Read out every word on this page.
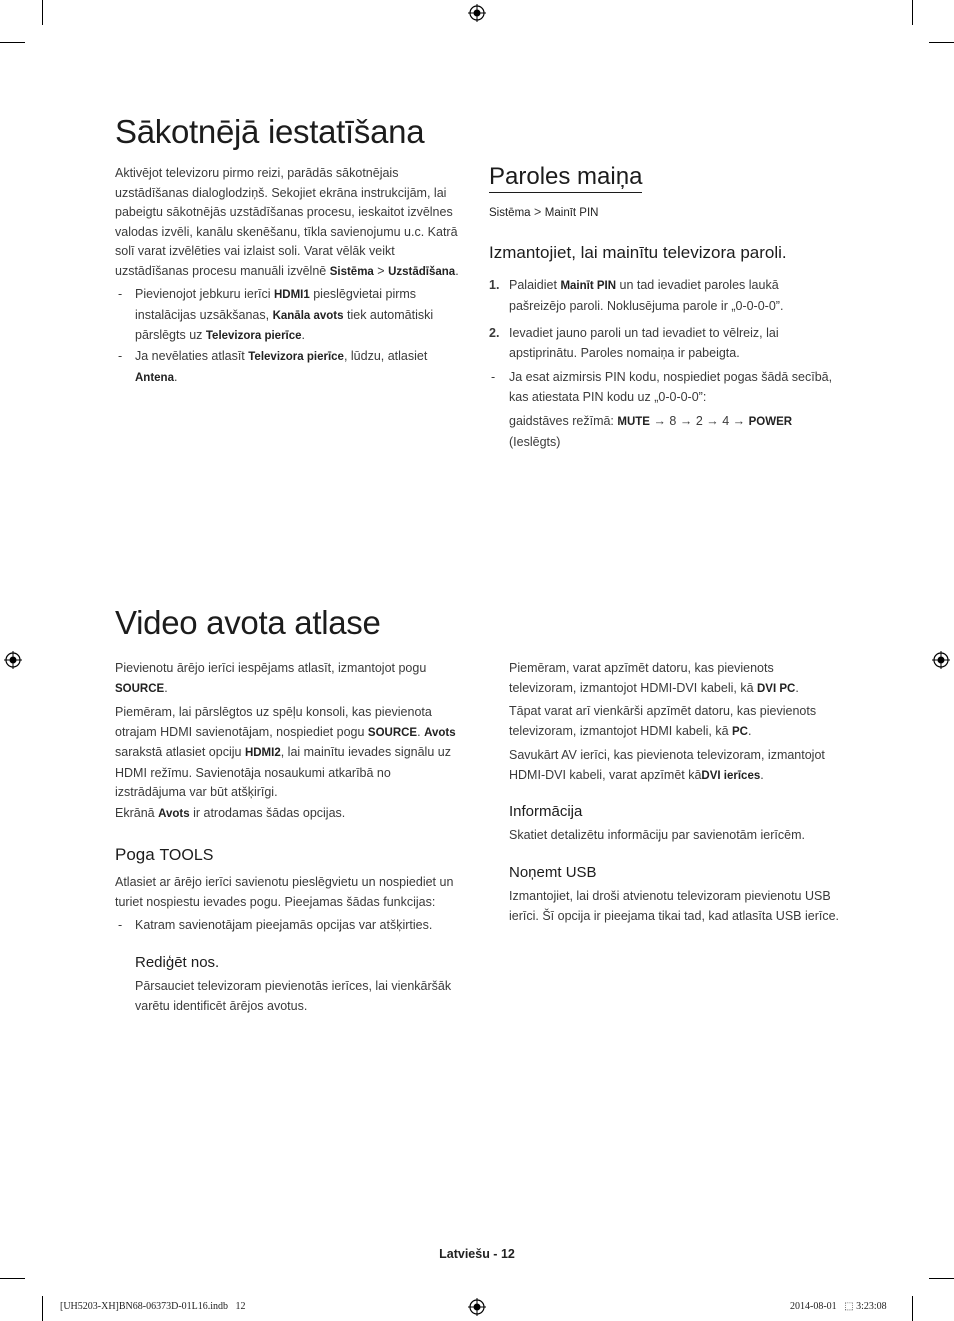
Sākotnējā iestatīšana

Aktivējot televizoru pirmo reizi, parādās sākotnējais uzstādīšanas dialoglodziņš. Sekojiet ekrāna instrukcijām, lai pabeigtu sākotnējās uzstādīšanas procesu, ieskaitot izvēlnes valodas izvēli, kanālu skenēšanu, tīkla savienojumu u.c. Katrā solī varat izvēlēties vai izlaist soli. Varat vēlāk veikt uzstādīšanas procesu manuāli izvēlnē Sistēma > Uzstādīšana.

- Pievienojot jebkuru ierīci HDMI1 pieslēgvietai pirms instalācijas uzsākšanas, Kanāla avots tiek automātiski pārslēgts uz Televizora pierīce.

- Ja nevēlaties atlasīt Televizora pierīce, lūdzu, atlasiet Antena.

Paroles maiņa

Sistēma > Mainīt PIN

Izmantojiet, lai mainītu televizora paroli.
1. Palaidiet Mainīt PIN un tad ievadiet paroles laukā pašreizējo paroli. Noklusējuma parole ir „0-0-0-0”.

2. Ievadiet jauno paroli un tad ievadiet to vēlreiz, lai apstiprinātu. Paroles nomaiņa ir pabeigta.

- Ja esat aizmirsis PIN kodu, nospiediet pogas šādā secībā, kas atiestata PIN kodu uz „0-0-0-0”:

gaidstāves režīmā: MUTE → 8 → 2 → 4 → POWER (Ieslēgts)

Video avota atlase

Pievienotu ārējo ierīci iespējams atlasīt, izmantojot pogu SOURCE.

Piemēram, lai pārslēgtos uz spēļu konsoli, kas pievienota otrajam HDMI savienotājam, nospiediet pogu SOURCE. Avots sarakstā atlasiet opciju HDMI2, lai mainītu ievades signālu uz HDMI režīmu. Savienotāja nosaukumi atkarībā no izstrādājuma var būt atšķirīgi.

Ekrānā Avots ir atrodamas šādas opcijas.

Poga TOOLS

Atlasiet ar ārējo ierīci savienotu pieslēgvietu un nospiediet un turiet nospiestu ievades pogu. Pieejamas šādas funkcijas:

- Katram savienotājam pieejamās opcijas var atšķirties.

Rediģēt nos.

Pārsauciet televizoram pievienotās ierīces, lai vienkāršāk varētu identificēt ārējos avotus.

Piemēram, varat apzīmēt datoru, kas pievienots televizoram, izmantojot HDMI-DVI kabeli, kā DVI PC.

Tāpat varat arī vienkārši apzīmēt datoru, kas pievienots televizoram, izmantojot HDMI kabeli, kā PC.

Savukārt AV ierīci, kas pievienota televizoram, izmantojot HDMI-DVI kabeli, varat apzīmēt kāDVI ierīces.

Informācija

Skatiet detalizētu informāciju par savienotām ierīcēm.

Noņemt USB

Izmantojiet, lai droši atvienotu televizoram pievienotu USB ierīci. Šī opcija ir pieejama tikai tad, kad atlasīta USB ierīce.

Latviešu - 12
[UH5203-XH]BN68-06373D-01L16.indb   12	2014-08-01   ⬚ 3:23:08
